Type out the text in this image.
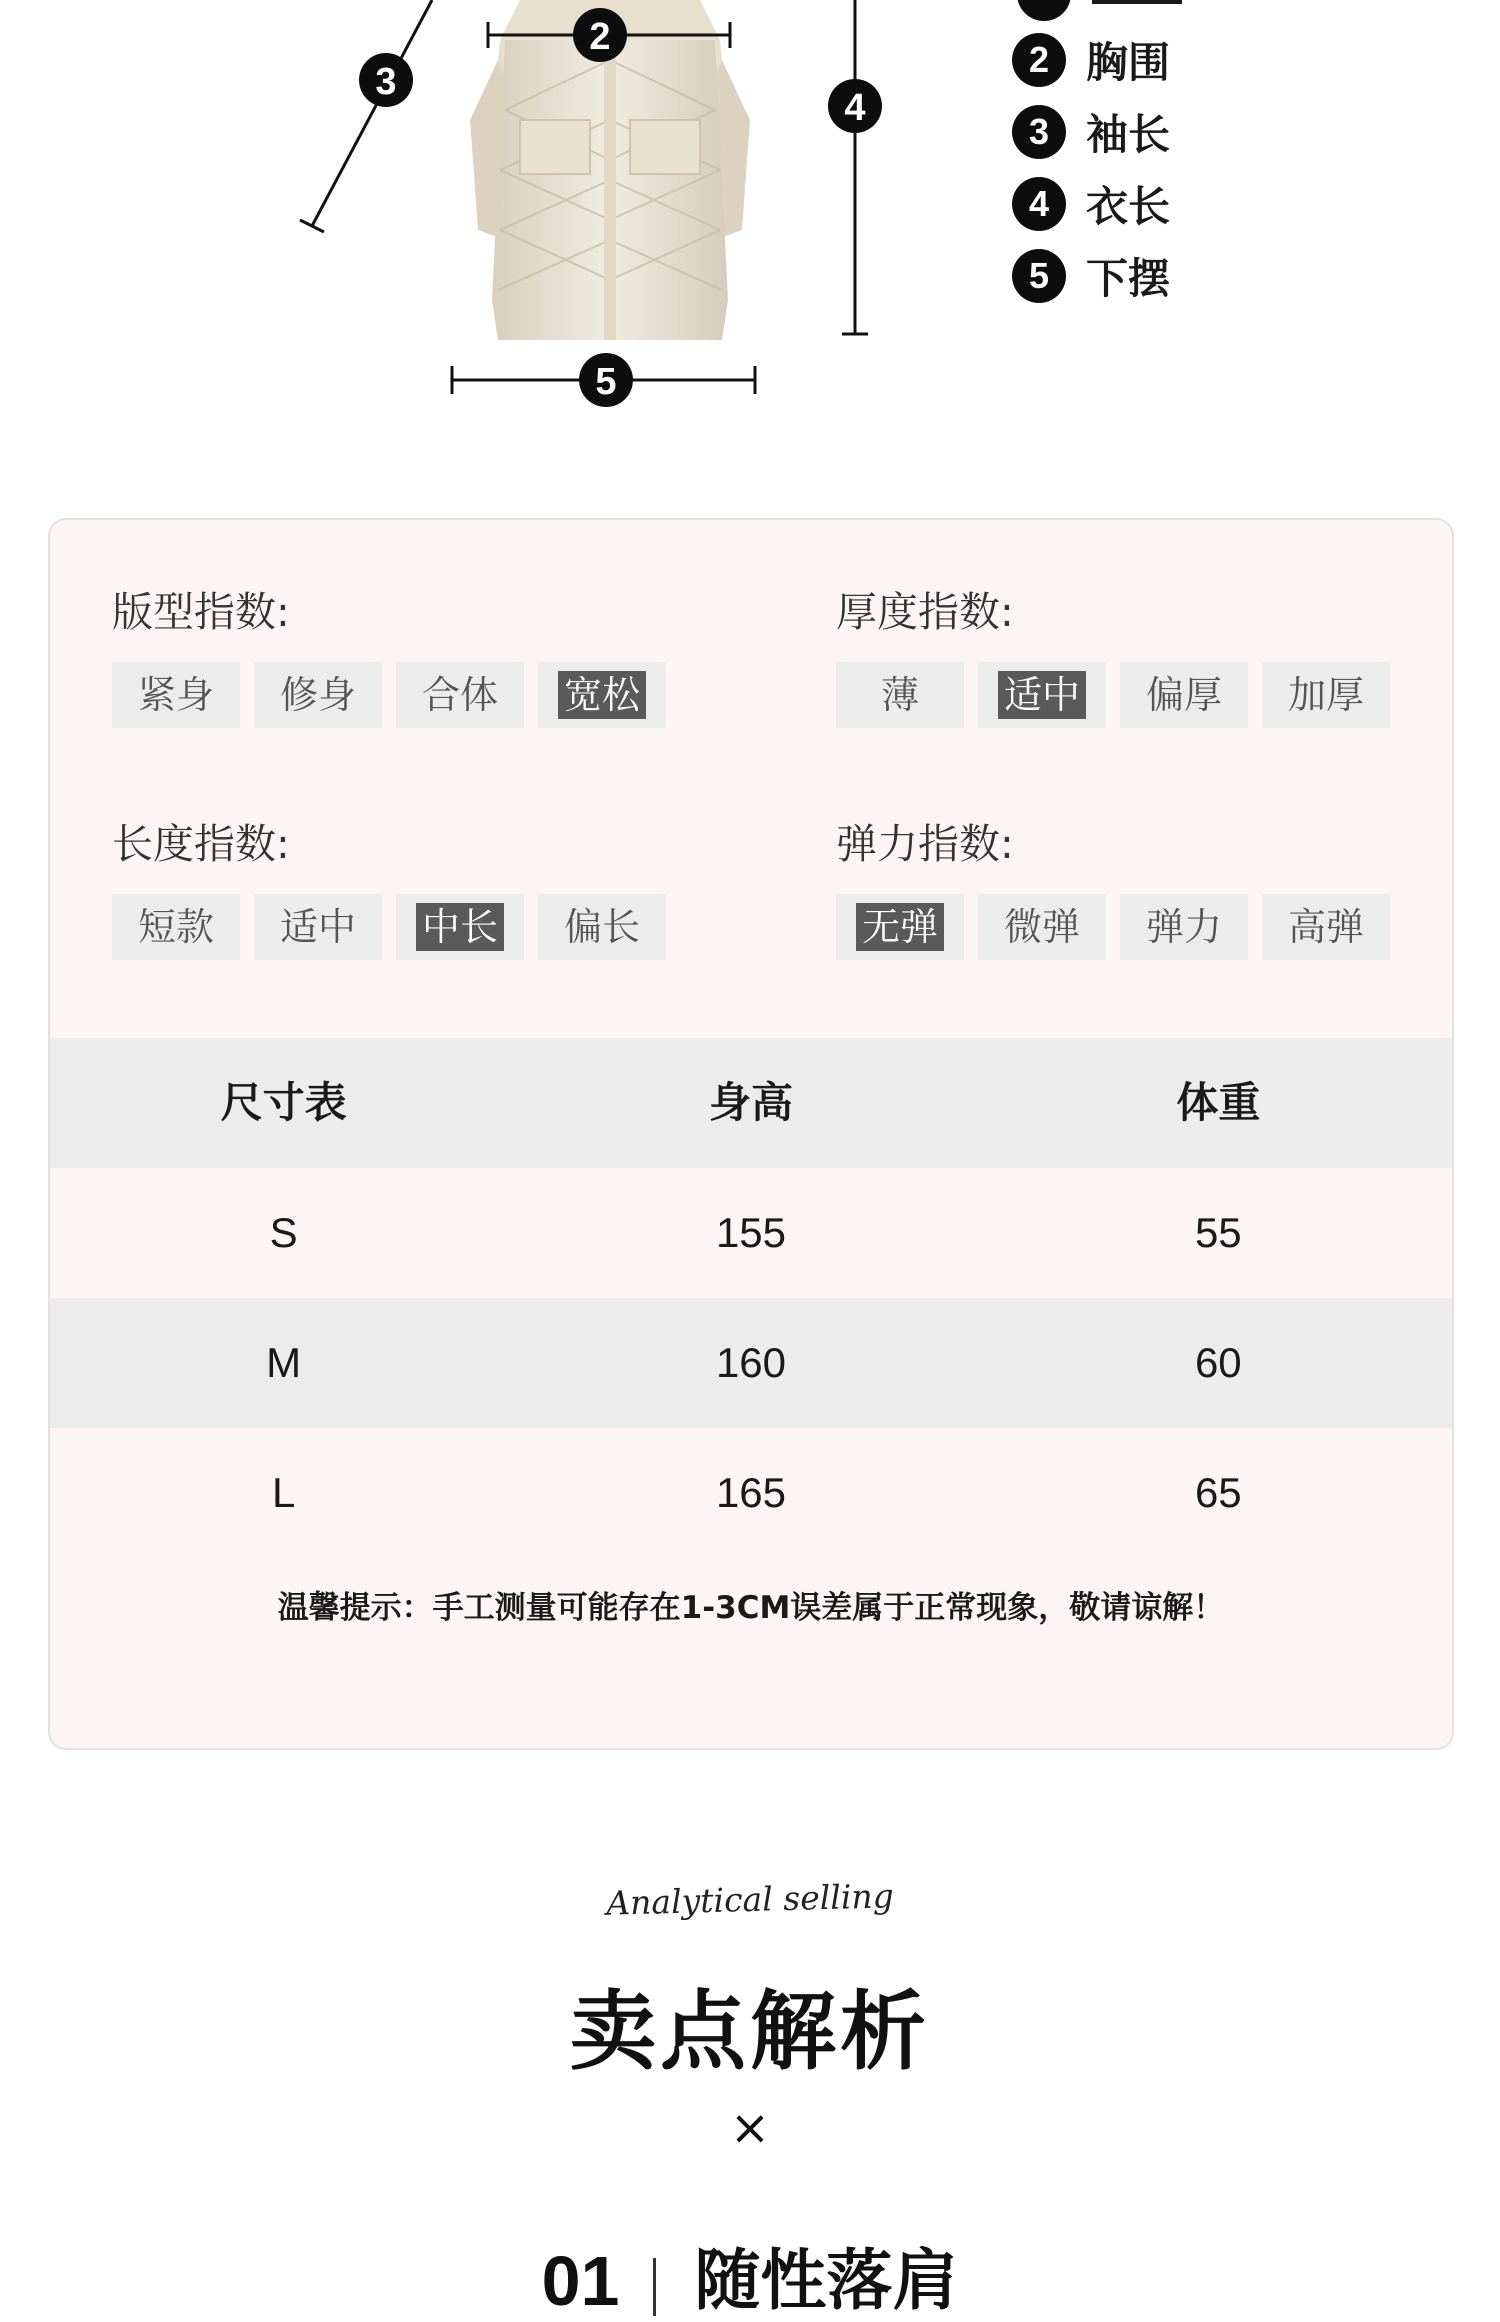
2
3
4
5
2 胸围
3 袖长
4 衣长
5 下摆
版型指数:
紧身	修身	合体	宽松
厚度指数:
薄	适中	偏厚	加厚
长度指数:
短款	适中	中长	偏长
弹力指数:
无弹	微弹	弹力	高弹
尺寸表	身高	体重
S	155	55
M	160	60
L	165	65
温馨提示：手工测量可能存在1-3CM误差属于正常现象，敬请谅解！
Analytical selling
卖点解析
×
01 随性落肩
